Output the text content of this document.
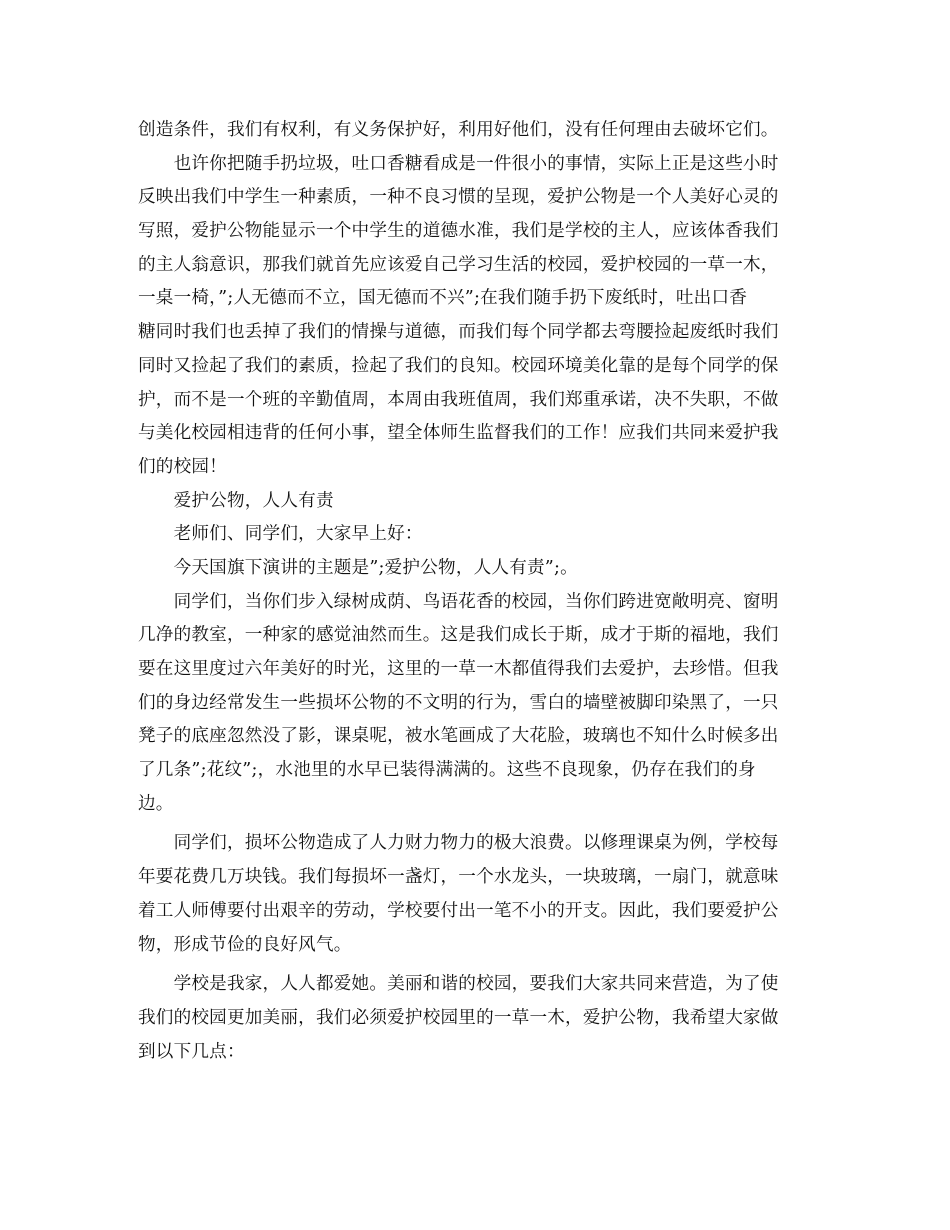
创造条件，我们有权利，有义务保护好，利用好他们，没有任何理由去破坏它们。
　　也许你把随手扔垃圾，吐口香糖看成是一件很小的事情，实际上正是这些小时
反映出我们中学生一种素质，一种不良习惯的呈现，爱护公物是一个人美好心灵的
写照，爱护公物能显示一个中学生的道德水准，我们是学校的主人，应该体香我们
的主人翁意识，那我们就首先应该爱自己学习生活的校园，爱护校园的一草一木，
一桌一椅，”;人无德而不立，国无德而不兴”;在我们随手扔下废纸时，吐出口香
糖同时我们也丢掉了我们的情操与道德，而我们每个同学都去弯腰捡起废纸时我们
同时又捡起了我们的素质，捡起了我们的良知。校园环境美化靠的是每个同学的保
护，而不是一个班的辛勤值周，本周由我班值周，我们郑重承诺，决不失职，不做
与美化校园相违背的任何小事，望全体师生监督我们的工作！应我们共同来爱护我
们的校园！
　　爱护公物，人人有责
　　老师们、同学们，大家早上好：
　　今天国旗下演讲的主题是”;爱护公物，人人有责”;。
　　同学们，当你们步入绿树成荫、鸟语花香的校园，当你们跨进宽敞明亮、窗明
几净的教室，一种家的感觉油然而生。这是我们成长于斯，成才于斯的福地，我们
要在这里度过六年美好的时光，这里的一草一木都值得我们去爱护，去珍惜。但我
们的身边经常发生一些损坏公物的不文明的行为，雪白的墙壁被脚印染黑了，一只
凳子的底座忽然没了影，课桌呢，被水笔画成了大花脸，玻璃也不知什么时候多出
了几条”;花纹”;，水池里的水早已装得满满的。这些不良现象，仍存在我们的身
边。
　　同学们，损坏公物造成了人力财力物力的极大浪费。以修理课桌为例，学校每
年要花费几万块钱。我们每损坏一盏灯，一个水龙头，一块玻璃，一扇门，就意味
着工人师傅要付出艰辛的劳动，学校要付出一笔不小的开支。因此，我们要爱护公
物，形成节俭的良好风气。
　　学校是我家，人人都爱她。美丽和谐的校园，要我们大家共同来营造，为了使
我们的校园更加美丽，我们必须爱护校园里的一草一木，爱护公物，我希望大家做
到以下几点：
